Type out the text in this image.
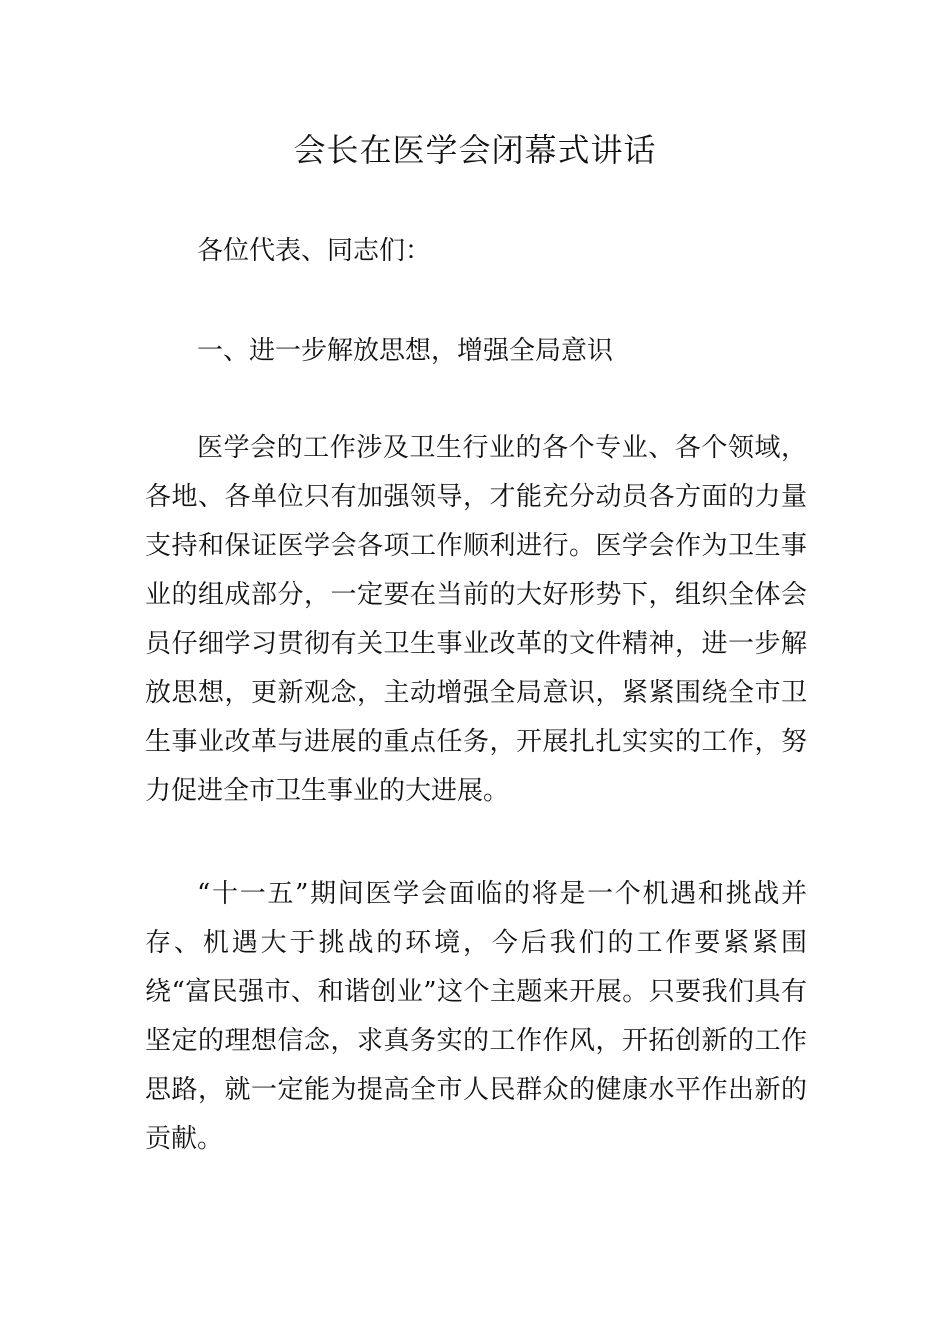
会长在医学会闭幕式讲话

各位代表、同志们：

一、进一步解放思想，增强全局意识

医学会的工作涉及卫生行业的各个专业、各个领域，各地、各单位只有加强领导，才能充分动员各方面的力量支持和保证医学会各项工作顺利进行。医学会作为卫生事业的组成部分，一定要在当前的大好形势下，组织全体会员仔细学习贯彻有关卫生事业改革的文件精神，进一步解放思想，更新观念，主动增强全局意识，紧紧围绕全市卫生事业改革与进展的重点任务，开展扎扎实实的工作，努力促进全市卫生事业的大进展。

“十一五”期间医学会面临的将是一个机遇和挑战并存、机遇大于挑战的环境，今后我们的工作要紧紧围绕“富民强市、和谐创业”这个主题来开展。只要我们具有坚定的理想信念，求真务实的工作作风，开拓创新的工作思路，就一定能为提高全市人民群众的健康水平作出新的贡献。
